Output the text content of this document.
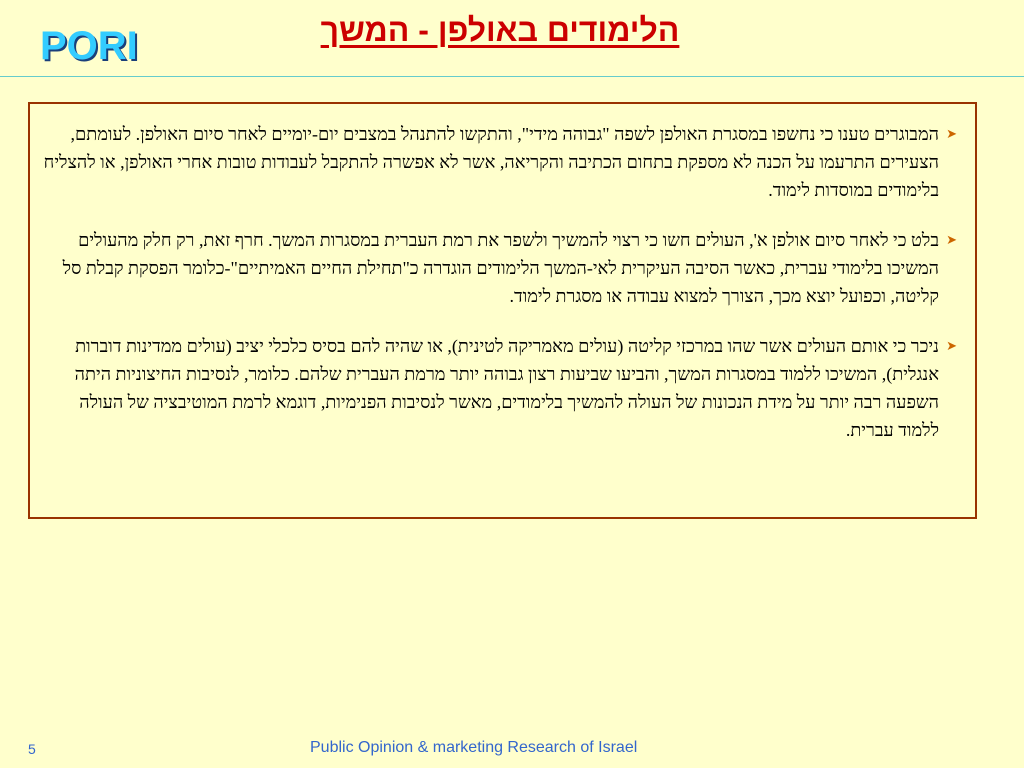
PORI	הלימודים באולפן - המשך
➤
המבוגרים טענו כי נחשפו במסגרת האולפן לשפה "גבוהה מידי", והתקשו להתנהל במצבים יום-יומיים לאחר סיום האולפן. לעומתם, הצעירים התרעמו על הכנה לא מספקת בתחום הכתיבה והקריאה, אשר לא אפשרה להתקבל לעבודות טובות אחרי האולפן, או להצליח בלימודים במוסדות לימוד.
➤
בלט כי לאחר סיום אולפן א', העולים חשו כי רצוי להמשיך ולשפר את רמת העברית במסגרות המשך. חרף זאת, רק חלק מהעולים המשיכו בלימודי עברית, כאשר הסיבה העיקרית לאי-המשך הלימודים הוגדרה כ"תחילת החיים האמיתיים"-כלומר הפסקת קבלת סל קליטה, וכפועל יוצא מכך, הצורך למצוא עבודה או מסגרת לימוד.
➤
ניכר כי אותם העולים אשר שהו במרכזי קליטה (עולים מאמריקה לטינית), או שהיה להם בסיס כלכלי יציב (עולים ממדינות דוברות אנגלית), המשיכו ללמוד במסגרות המשך, והביעו שביעות רצון גבוהה יותר מרמת העברית שלהם. כלומר, לנסיבות החיצוניות היתה השפעה רבה יותר על מידת הנכונות של העולה להמשיך בלימודים, מאשר לנסיבות הפנימיות, דוגמא לרמת המוטיבציה של העולה ללמוד עברית.
5	Public Opinion & marketing Research of Israel
